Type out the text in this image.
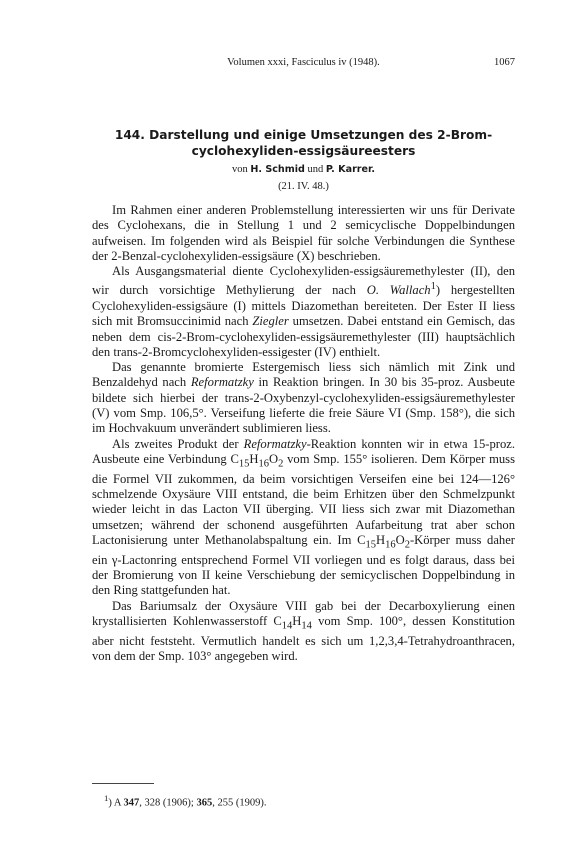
Volumen xxxi, Fasciculus iv (1948).	1067
144. Darstellung und einige Umsetzungen des 2-Brom-
cyclohexyliden-essigsäureesters
von H. Schmid und P. Karrer.
(21. IV. 48.)

Im Rahmen einer anderen Problemstellung interessierten wir uns für Derivate des Cyclohexans, die in Stellung 1 und 2 semicyclische Doppelbindungen aufweisen. Im folgenden wird als Beispiel für solche Verbindungen die Synthese der 2-Benzal-cyclohexyliden-essigsäure (X) beschrieben.

Als Ausgangsmaterial diente Cyclohexyliden-essigsäuremethylester (II), den wir durch vorsichtige Methylierung der nach O. Wallach$^1$) hergestellten Cyclohexyliden-essigsäure (I) mittels Diazomethan bereiteten. Der Ester II liess sich mit Bromsuccinimid nach Ziegler umsetzen. Dabei entstand ein Gemisch, das neben dem cis-2-Brom-cyclohexyliden-essigsäuremethylester (III) hauptsächlich den trans-2-Bromcyclohexyliden-essigester (IV) enthielt.

Das genannte bromierte Estergemisch liess sich nämlich mit Zink und Benzaldehyd nach Reformatzky in Reaktion bringen. In 30 bis 35-proz. Ausbeute bildete sich hierbei der trans-2-Oxybenzyl-cyclohexyliden-essigsäuremethylester (V) vom Smp. 106,5°. Verseifung lieferte die freie Säure VI (Smp. 158°), die sich im Hochvakuum unverändert sublimieren liess.

Als zweites Produkt der Reformatzky-Reaktion konnten wir in etwa 15-proz. Ausbeute eine Verbindung $C_{15}H_{16}O_2$ vom Smp. 155° isolieren. Dem Körper muss die Formel VII zukommen, da beim vorsichtigen Verseifen eine bei 124—126° schmelzende Oxysäure VIII entstand, die beim Erhitzen über den Schmelzpunkt wieder leicht in das Lacton VII überging. VII liess sich zwar mit Diazomethan umsetzen; während der schonend ausgeführten Aufarbeitung trat aber schon Lactonisierung unter Methanolabspaltung ein. Im $C_{15}H_{16}O_2$-Körper muss daher ein γ-Lactonring entsprechend Formel VII vorliegen und es folgt daraus, dass bei der Bromierung von II keine Verschiebung der semicyclischen Doppelbindung in den Ring stattgefunden hat.

Das Bariumsalz der Oxysäure VIII gab bei der Decarboxylierung einen krystallisierten Kohlenwasserstoff $C_{14}H_{14}$ vom Smp. 100°, dessen Konstitution aber nicht feststeht. Vermutlich handelt es sich um 1,2,3,4-Tetrahydroanthracen, von dem der Smp. 103° angegeben wird.

$^1$) A 347, 328 (1906); 365, 255 (1909).
